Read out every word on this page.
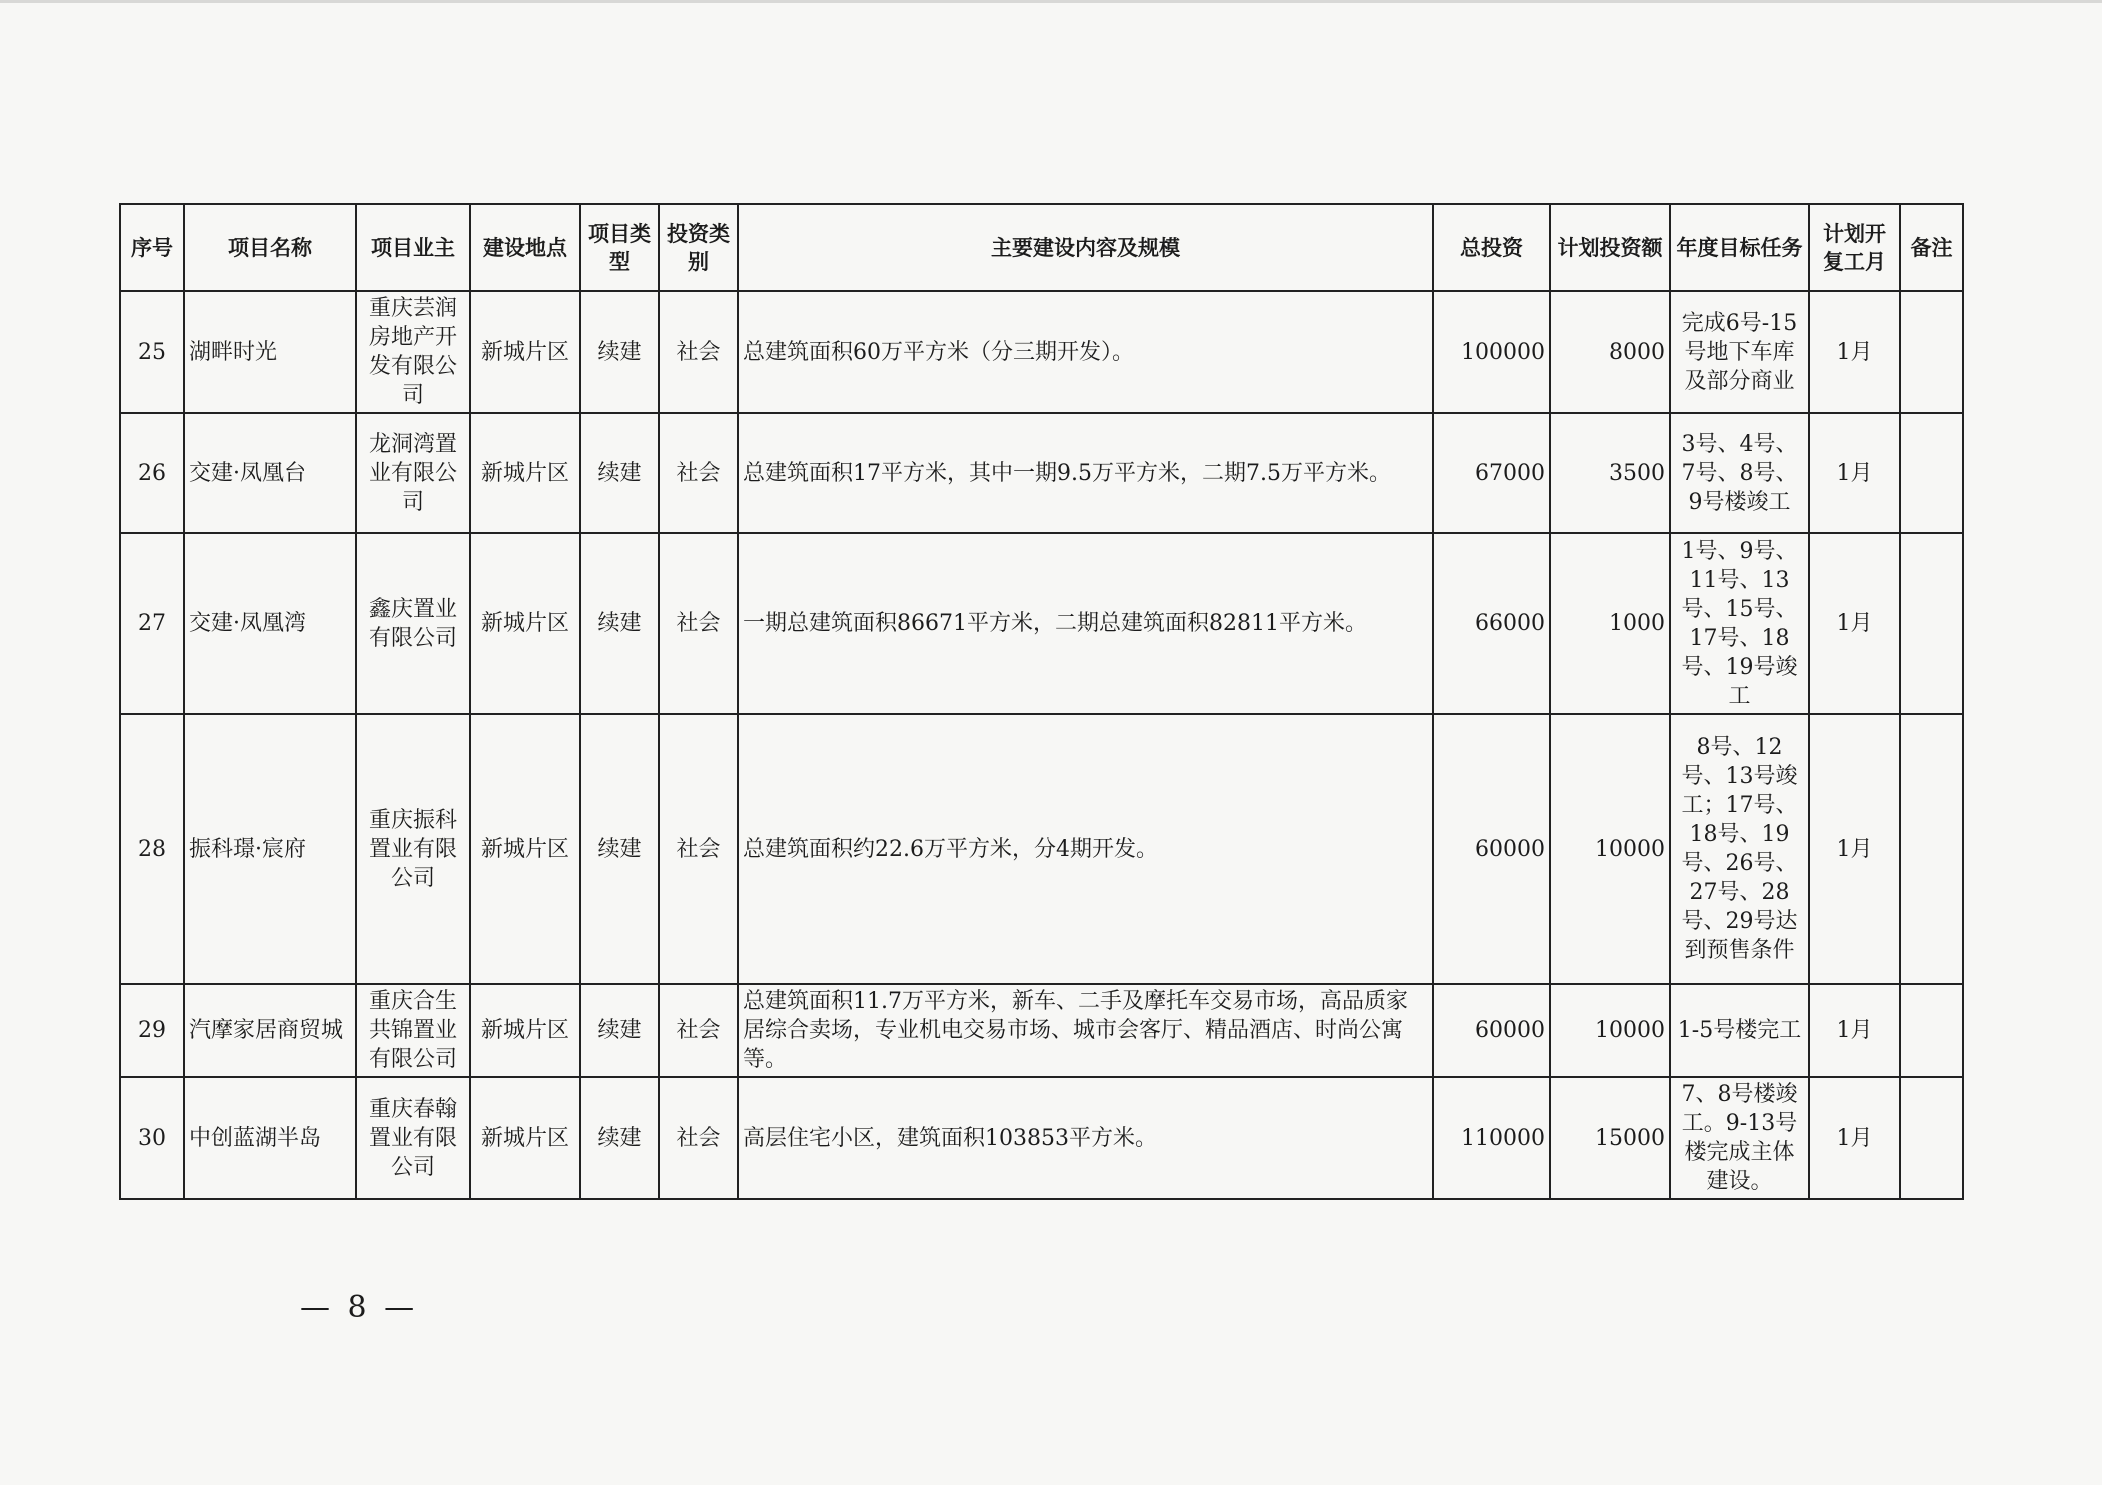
序号	项目名称	项目业主	建设地点	项目类型	投资类别	主要建设内容及规模	总投资	计划投资额	年度目标任务	计划开复工月	备注
25	湖畔时光	重庆芸润房地产开发有限公司	新城片区	续建	社会	总建筑面积60万平方米（分三期开发）。	100000	8000	完成6号-15号地下车库及部分商业	1月	
26	交建·凤凰台	龙洞湾置业有限公司	新城片区	续建	社会	总建筑面积17平方米，其中一期9.5万平方米，二期7.5万平方米。	67000	3500	3号、4号、7号、8号、9号楼竣工	1月	
27	交建·凤凰湾	鑫庆置业有限公司	新城片区	续建	社会	一期总建筑面积86671平方米，二期总建筑面积82811平方米。	66000	1000	1号、9号、11号、13号、15号、17号、18号、19号竣工	1月	
28	振科璟·宸府	重庆振科置业有限公司	新城片区	续建	社会	总建筑面积约22.6万平方米，分4期开发。	60000	10000	8号、12号、13号竣工；17号、18号、19号、26号、27号、28号、29号达到预售条件	1月	
29	汽摩家居商贸城	重庆合生共锦置业有限公司	新城片区	续建	社会	总建筑面积11.7万平方米，新车、二手及摩托车交易市场，高品质家居综合卖场，专业机电交易市场、城市会客厅、精品酒店、时尚公寓等。	60000	10000	1-5号楼完工	1月	
30	中创蓝湖半岛	重庆春翰置业有限公司	新城片区	续建	社会	高层住宅小区，建筑面积103853平方米。	110000	15000	7、8号楼竣工。9-13号楼完成主体建设。	1月	
— 8 —
